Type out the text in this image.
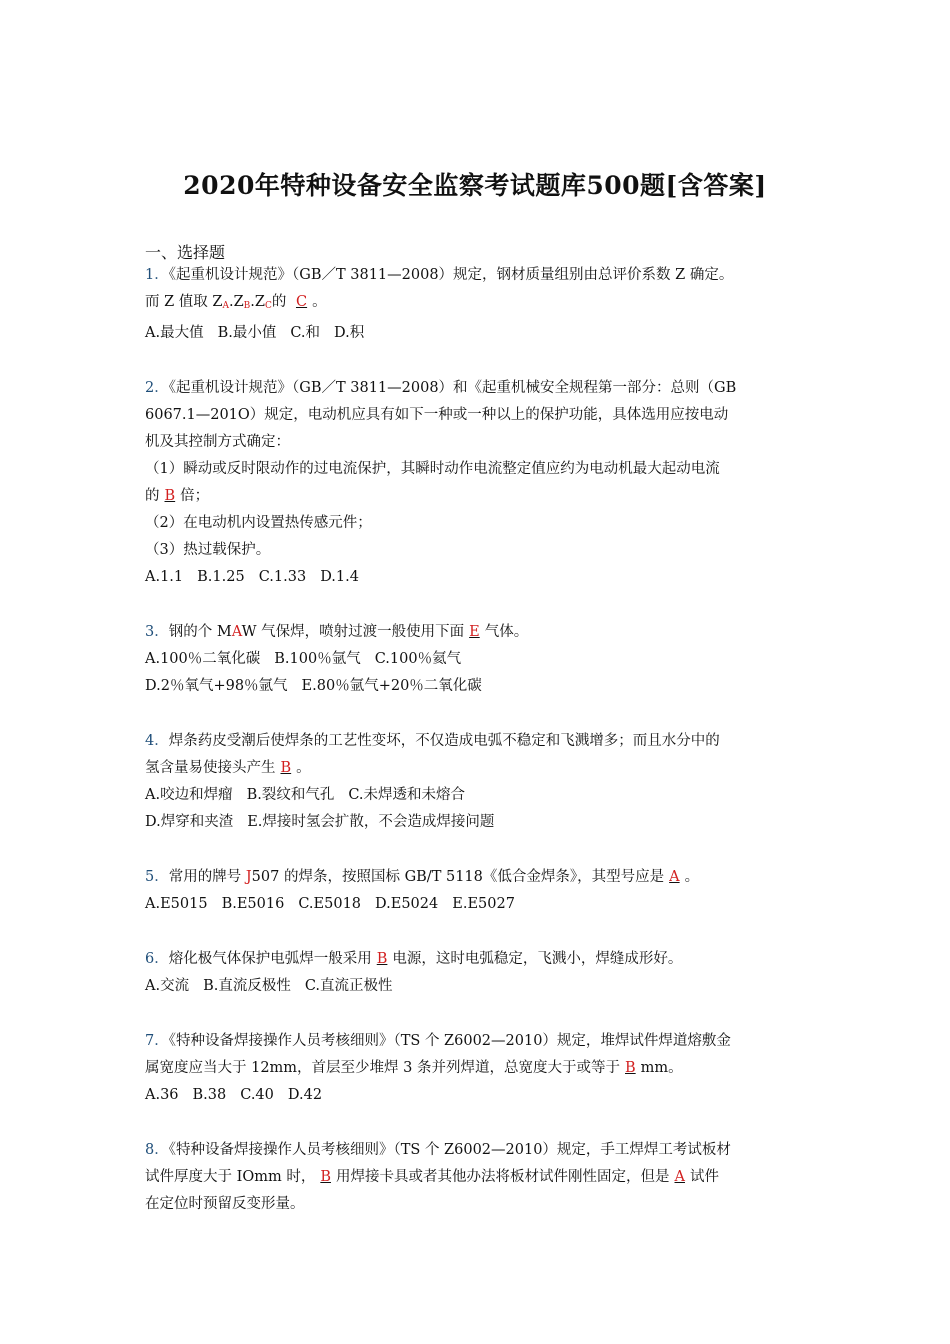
2020年特种设备安全监察考试题库500题[含答案]
一、选择题
1．《起重机设计规范》（GB／T 3811—2008）规定，钢材质量组别由总评价系数 Z 确定。
而 Z 值取 $Z_A.Z_B.Z_C$的 C 。
A.最大值 B.最小值 C.和 D.积
2．《起重机设计规范》（GB／T 3811—2008）和《起重机械安全规程第一部分：总则（GB
6067.1—201O）规定，电动机应具有如下一种或一种以上的保护功能，具体选用应按电动
机及其控制方式确定：
（1）瞬动或反时限动作的过电流保护，其瞬时动作电流整定值应约为电动机最大起动电流
的 B 倍；
（2）在电动机内设置热传感元件；
（3）热过载保护。
A.1.1 B.1.25 C.1.33 D.1.4
3．钢的个 MAW 气保焊，喷射过渡一般使用下面 E 气体。
A.100％二氧化碳 B.100％氩气 C.100％氦气
D.2％氧气+98％氩气 E.80％氩气+20％二氧化碳
4．焊条药皮受潮后使焊条的工艺性变坏，不仅造成电弧不稳定和飞溅增多；而且水分中的
氢含量易使接头产生 B 。
A.咬边和焊瘤 B.裂纹和气孔 C.未焊透和未熔合
D.焊穿和夹渣 E.焊接时氢会扩散，不会造成焊接问题
5．常用的牌号 J507 的焊条，按照国标 GB/T 5118《低合金焊条》，其型号应是 A 。
A.E5015 B.E5016 C.E5018 D.E5024 E.E5027
6．熔化极气体保护电弧焊一般采用 B 电源，这时电弧稳定，飞溅小，焊缝成形好。
A.交流 B.直流反极性 C.直流正极性
7．《特种设备焊接操作人员考核细则》（TS 个 Z6002—2010）规定，堆焊试件焊道熔敷金
属宽度应当大于 12mm，首层至少堆焊 3 条并列焊道，总宽度大于或等于 B mm。
A.36 B.38 C.40 D.42
8．《特种设备焊接操作人员考核细则》（TS 个 Z6002—2010）规定，手工焊焊工考试板材
试件厚度大于 IOmm 时， B 用焊接卡具或者其他办法将板材试件刚性固定，但是 A 试件
在定位时预留反变形量。
